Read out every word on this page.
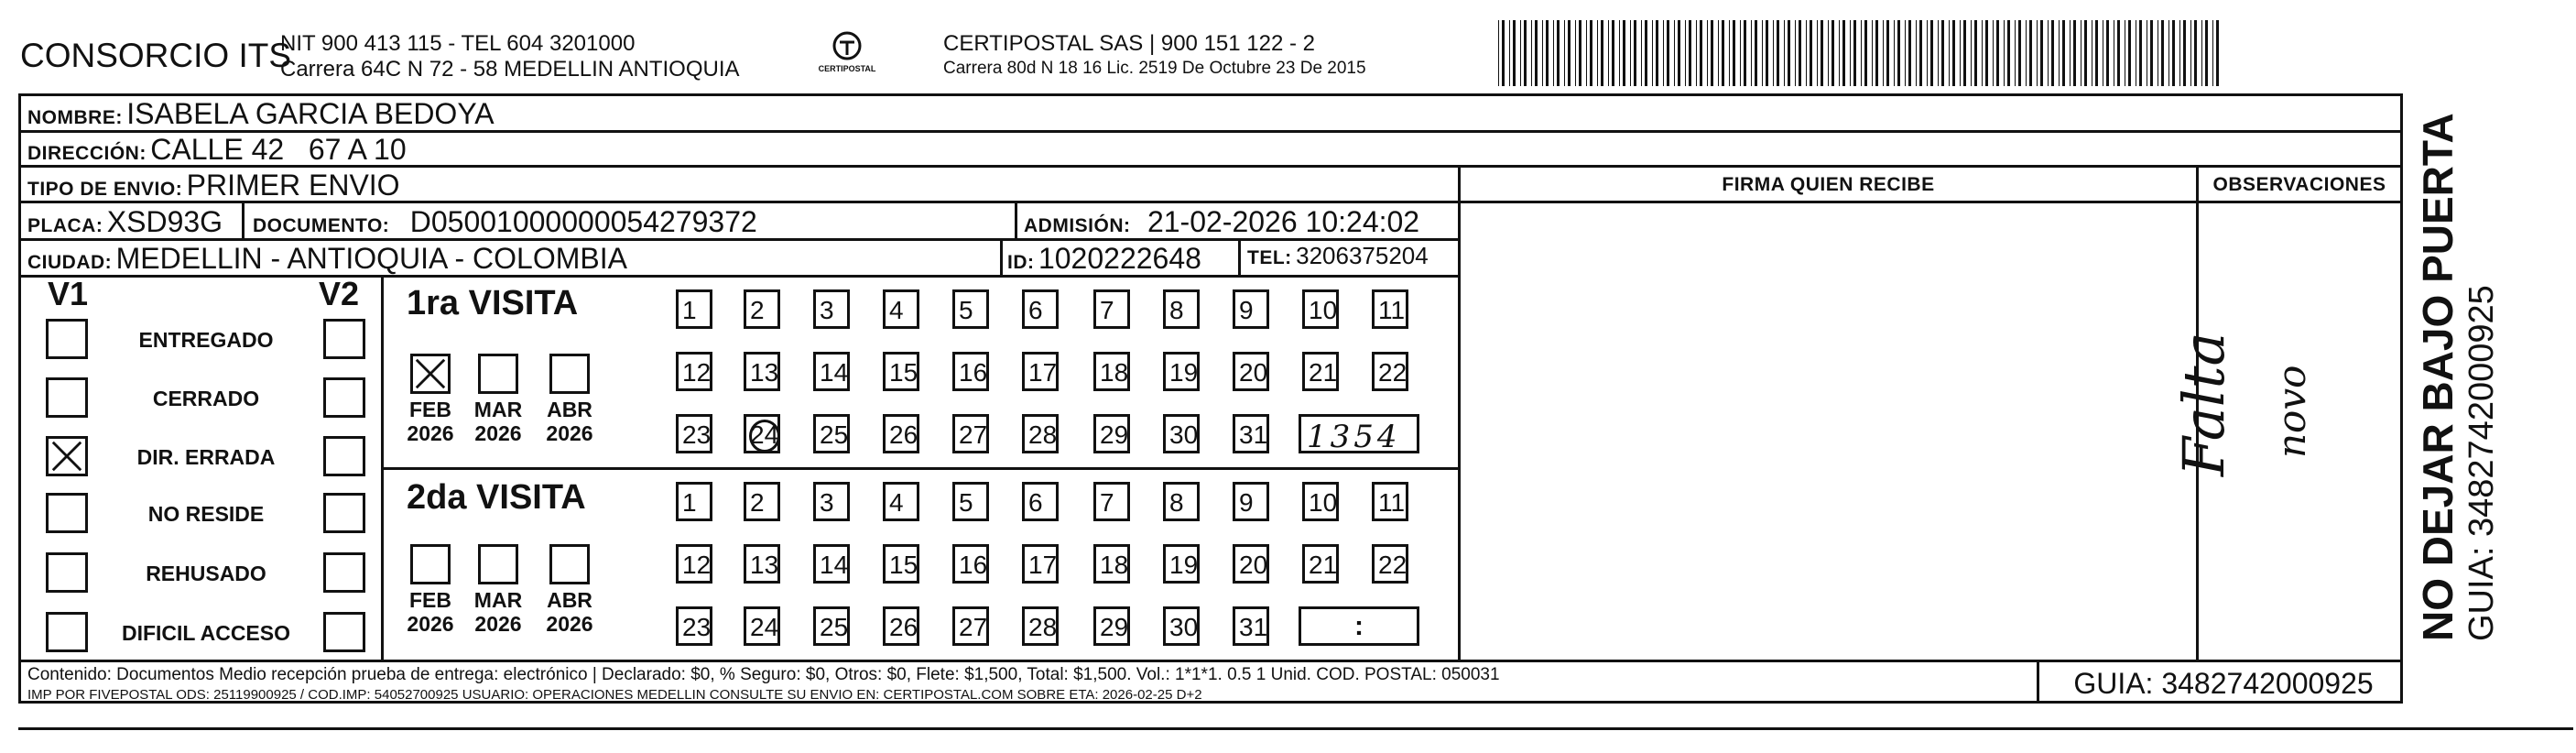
CONSORCIO ITS
NIT 900 413 115 - TEL 604 3201000
Carrera 64C N 72 - 58 MEDELLIN ANTIOQUIA	CERTIPOSTAL
CERTIPOSTAL SAS | 900 151 122 - 2
Carrera 80d N 18 16 Lic. 2519 De Octubre 23 De 2015
NOMBRE: ISABELA GARCIA BEDOYA
DIRECCIÓN: CALLE 42   67 A 10
TIPO DE ENVIO: PRIMER ENVIO	FIRMA QUIEN RECIBE	OBSERVACIONES
PLACA: XSD93G DOCUMENTO: D05001000000054279372	ADMISIÓN: 21-02-2026 10:24:02
CIUDAD: MEDELLIN - ANTIOQUIA - COLOMBIA	ID: 1020222648 TEL: 3206375204
V1	V2
ENTREGADO
CERRADO
DIR. ERRADA
NO RESIDE
REHUSADO
DIFICIL ACCESO
1ra VISITA
FEB
2026
MAR
2026
ABR
2026
1 2 3 4 5 6 7 8 9 10 11
12 13 14 15 16 17 18 19 20 21 22
23 24 25 26 27 28 29 30 31 1354
2da VISITA
FEB
2026
MAR
2026
ABR
2026
1 2 3 4 5 6 7 8 9 10 11
12 13 14 15 16 17 18 19 20 21 22
23 24 25 26 27 28 29 30 31	:
Falta novo
Contenido: Documentos Medio recepción prueba de entrega: electrónico | Declarado: $0, % Seguro: $0, Otros: $0, Flete: $1,500, Total: $1,500. Vol.: 1*1*1. 0.5 1 Unid. COD. POSTAL: 050031
IMP POR FIVEPOSTAL ODS: 25119900925 / COD.IMP: 54052700925 USUARIO: OPERACIONES MEDELLIN CONSULTE SU ENVIO EN: CERTIPOSTAL.COM SOBRE ETA: 2026-02-25 D+2	GUIA: 3482742000925
NO DEJAR BAJO PUERTA GUIA: 3482742000925
